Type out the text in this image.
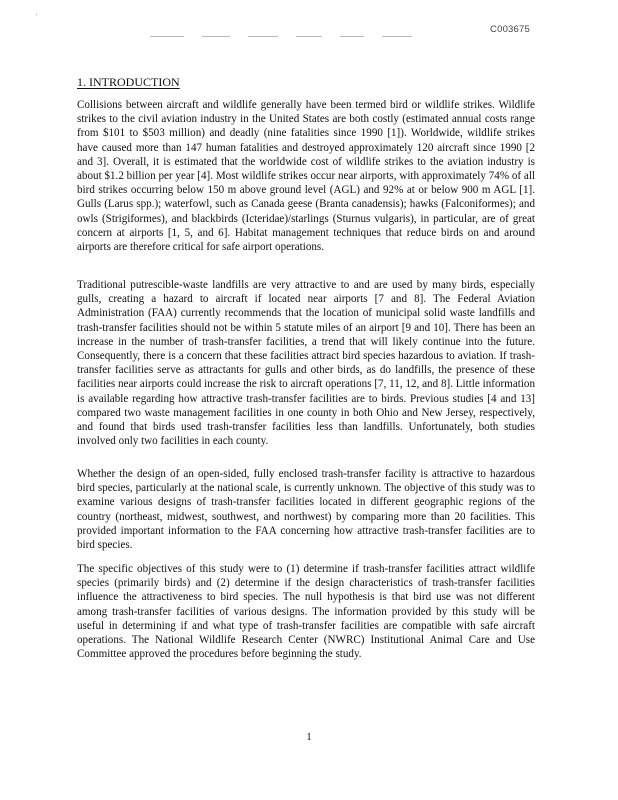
'
C003675
1. INTRODUCTION

Collisions between aircraft and wildlife generally have been termed bird or wildlife strikes. Wildlife strikes to the civil aviation industry in the United States are both costly (estimated annual costs range from $101 to $503 million) and deadly (nine fatalities since 1990 [1]). Worldwide, wildlife strikes have caused more than 147 human fatalities and destroyed approximately 120 aircraft since 1990 [2 and 3]. Overall, it is estimated that the worldwide cost of wildlife strikes to the aviation industry is about $1.2 billion per year [4]. Most wildlife strikes occur near airports, with approximately 74% of all bird strikes occurring below 150 m above ground level (AGL) and 92% at or below 900 m AGL [1]. Gulls (Larus spp.); waterfowl, such as Canada geese (Branta canadensis); hawks (Falconiformes); and owls (Strigiformes), and blackbirds (Icteridae)/starlings (Sturnus vulgaris), in particular, are of great concern at airports [1, 5, and 6]. Habitat management techniques that reduce birds on and around airports are therefore critical for safe airport operations.

Traditional putrescible-waste landfills are very attractive to and are used by many birds, especially gulls, creating a hazard to aircraft if located near airports [7 and 8]. The Federal Aviation Administration (FAA) currently recommends that the location of municipal solid waste landfills and trash-transfer facilities should not be within 5 statute miles of an airport [9 and 10]. There has been an increase in the number of trash-transfer facilities, a trend that will likely continue into the future. Consequently, there is a concern that these facilities attract bird species hazardous to aviation. If trash-transfer facilities serve as attractants for gulls and other birds, as do landfills, the presence of these facilities near airports could increase the risk to aircraft operations [7, 11, 12, and 8]. Little information is available regarding how attractive trash-transfer facilities are to birds. Previous studies [4 and 13] compared two waste management facilities in one county in both Ohio and New Jersey, respectively, and found that birds used trash-transfer facilities less than landfills. Unfortunately, both studies involved only two facilities in each county.

Whether the design of an open-sided, fully enclosed trash-transfer facility is attractive to hazardous bird species, particularly at the national scale, is currently unknown. The objective of this study was to examine various designs of trash-transfer facilities located in different geographic regions of the country (northeast, midwest, southwest, and northwest) by comparing more than 20 facilities. This provided important information to the FAA concerning how attractive trash-transfer facilities are to bird species.

The specific objectives of this study were to (1) determine if trash-transfer facilities attract wildlife species (primarily birds) and (2) determine if the design characteristics of trash-transfer facilities influence the attractiveness to bird species. The null hypothesis is that bird use was not different among trash-transfer facilities of various designs. The information provided by this study will be useful in determining if and what type of trash-transfer facilities are compatible with safe aircraft operations. The National Wildlife Research Center (NWRC) Institutional Animal Care and Use Committee approved the procedures before beginning the study.

1
